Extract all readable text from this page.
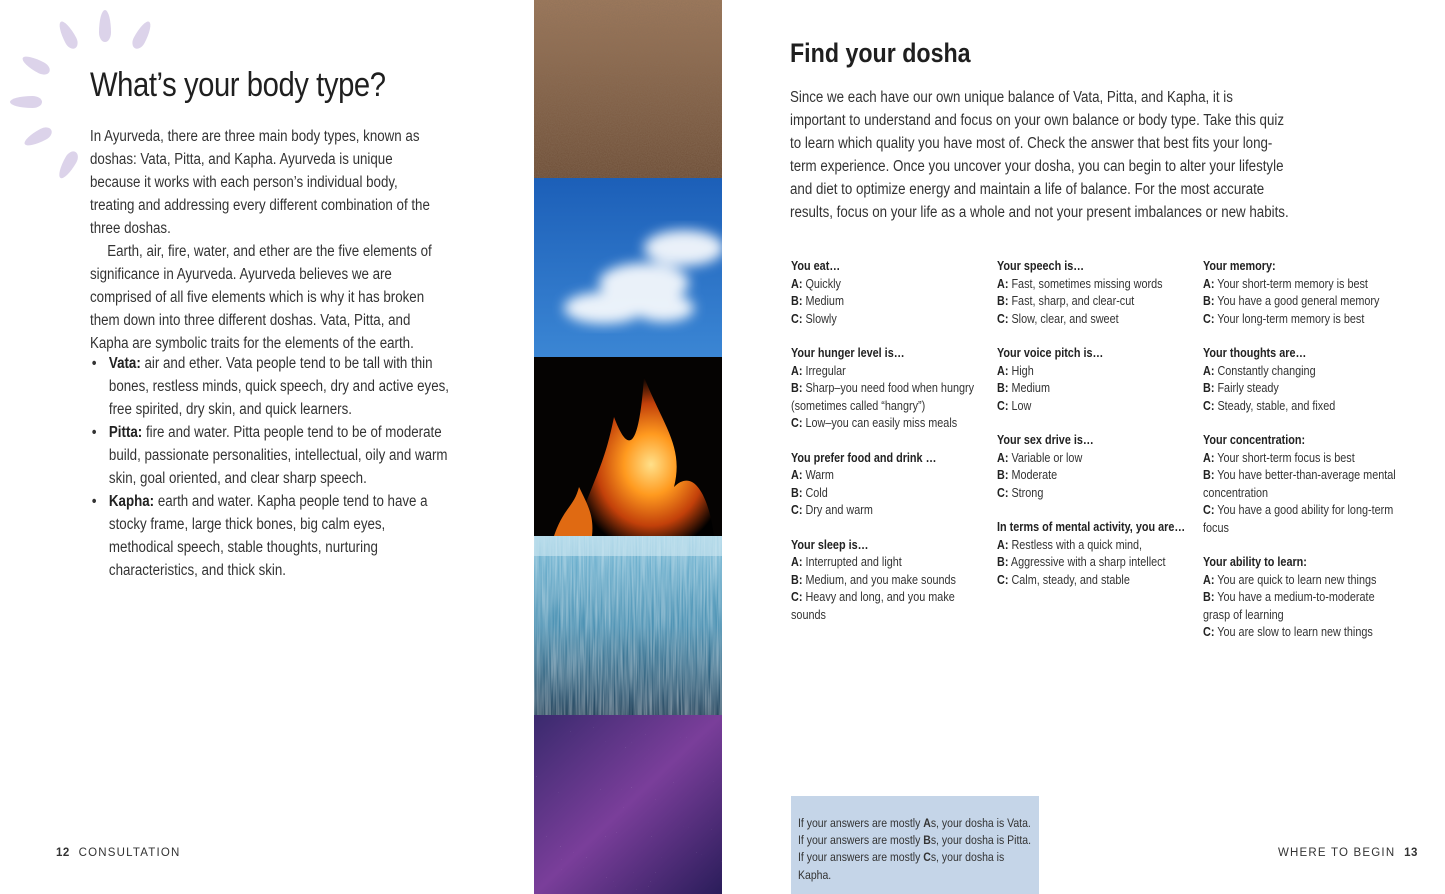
What’s your body type?

In Ayurveda, there are three main body types, known as doshas: Vata, Pitta, and Kapha. Ayurveda is unique because it works with each person’s individual body, treating and addressing every different combination of the three doshas.
Earth, air, fire, water, and ether are the five elements of significance in Ayurveda. Ayurveda believes we are comprised of all five elements which is why it has broken them down into three different doshas. Vata, Pitta, and Kapha are symbolic traits for the elements of the earth.

• Vata: air and ether. Vata people tend to be tall with thin bones, restless minds, quick speech, dry and active eyes, free spirited, dry skin, and quick learners.
• Pitta: fire and water. Pitta people tend to be of moderate build, passionate personalities, intellectual, oily and warm skin, goal oriented, and clear sharp speech.
• Kapha: earth and water. Kapha people tend to have a stocky frame, large thick bones, big calm eyes, methodical speech, stable thoughts, nurturing characteristics, and thick skin.
12 CONSULTATION
Find your dosha

Since we each have our own unique balance of Vata, Pitta, and Kapha, it is important to understand and focus on your own balance or body type. Take this quiz to learn which quality you have most of. Check the answer that best fits your long-term experience. Once you uncover your dosha, you can begin to alter your lifestyle and diet to optimize energy and maintain a life of balance. For the most accurate results, focus on your life as a whole and not your present imbalances or new habits.

You eat…
A: Quickly
B: Medium
C: Slowly
Your hunger level is…
A: Irregular
B: Sharp–you need food when hungry (sometimes called “hangry”)
C: Low–you can easily miss meals
You prefer food and drink …
A: Warm
B: Cold
C: Dry and warm
Your sleep is…
A: Interrupted and light
B: Medium, and you make sounds
C: Heavy and long, and you make sounds
Your speech is…
A: Fast, sometimes missing words
B: Fast, sharp, and clear-cut
C: Slow, clear, and sweet
Your voice pitch is…
A: High
B: Medium
C: Low
Your sex drive is…
A: Variable or low
B: Moderate
C: Strong
In terms of mental activity, you are…
A: Restless with a quick mind,
B: Aggressive with a sharp intellect
C: Calm, steady, and stable
Your memory:
A: Your short-term memory is best
B: You have a good general memory
C: Your long-term memory is best
Your thoughts are…
A: Constantly changing
B: Fairly steady
C: Steady, stable, and fixed
Your concentration:
A: Your short-term focus is best
B: You have better-than-average mental concentration
C: You have a good ability for long-term focus
Your ability to learn:
A: You are quick to learn new things
B: You have a medium-to-moderate grasp of learning
C: You are slow to learn new things
If your answers are mostly As, your dosha is Vata.
If your answers are mostly Bs, your dosha is Pitta.
If your answers are mostly Cs, your dosha is Kapha.
WHERE TO BEGIN 13
